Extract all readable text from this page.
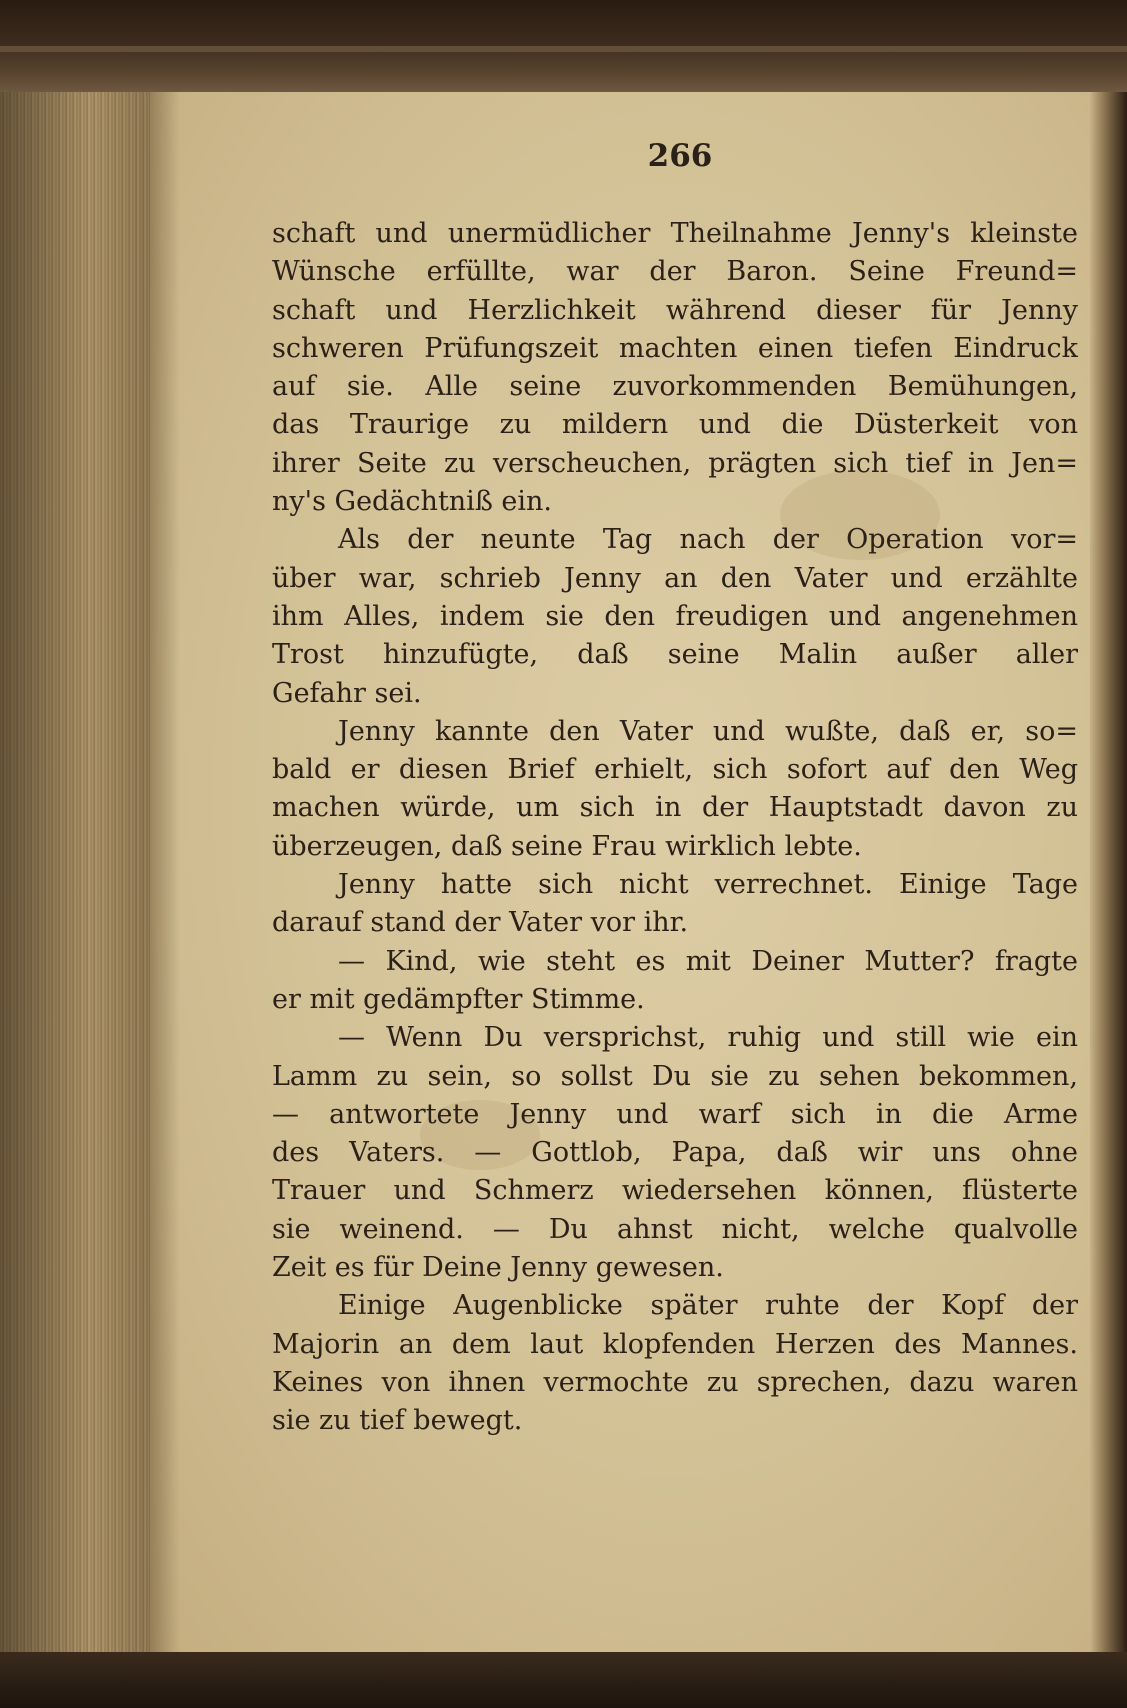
266
schaft und unermüdlicher Theilnahme Jenny's kleinste
Wünsche erfüllte, war der Baron. Seine Freund=
schaft und Herzlichkeit während dieser für Jenny
schweren Prüfungszeit machten einen tiefen Eindruck
auf sie. Alle seine zuvorkommenden Bemühungen,
das Traurige zu mildern und die Düsterkeit von
ihrer Seite zu verscheuchen, prägten sich tief in Jen=
ny's Gedächtniß ein.
Als der neunte Tag nach der Operation vor=
über war, schrieb Jenny an den Vater und erzählte
ihm Alles, indem sie den freudigen und angenehmen
Trost hinzufügte, daß seine Malin außer aller
Gefahr sei.
Jenny kannte den Vater und wußte, daß er, so=
bald er diesen Brief erhielt, sich sofort auf den Weg
machen würde, um sich in der Hauptstadt davon zu
überzeugen, daß seine Frau wirklich lebte.
Jenny hatte sich nicht verrechnet. Einige Tage
darauf stand der Vater vor ihr.
— Kind, wie steht es mit Deiner Mutter? fragte
er mit gedämpfter Stimme.
— Wenn Du versprichst, ruhig und still wie ein
Lamm zu sein, so sollst Du sie zu sehen bekommen,
— antwortete Jenny und warf sich in die Arme
des Vaters. — Gottlob, Papa, daß wir uns ohne
Trauer und Schmerz wiedersehen können, flüsterte
sie weinend. — Du ahnst nicht, welche qualvolle
Zeit es für Deine Jenny gewesen.
Einige Augenblicke später ruhte der Kopf der
Majorin an dem laut klopfenden Herzen des Mannes.
Keines von ihnen vermochte zu sprechen, dazu waren
sie zu tief bewegt.
